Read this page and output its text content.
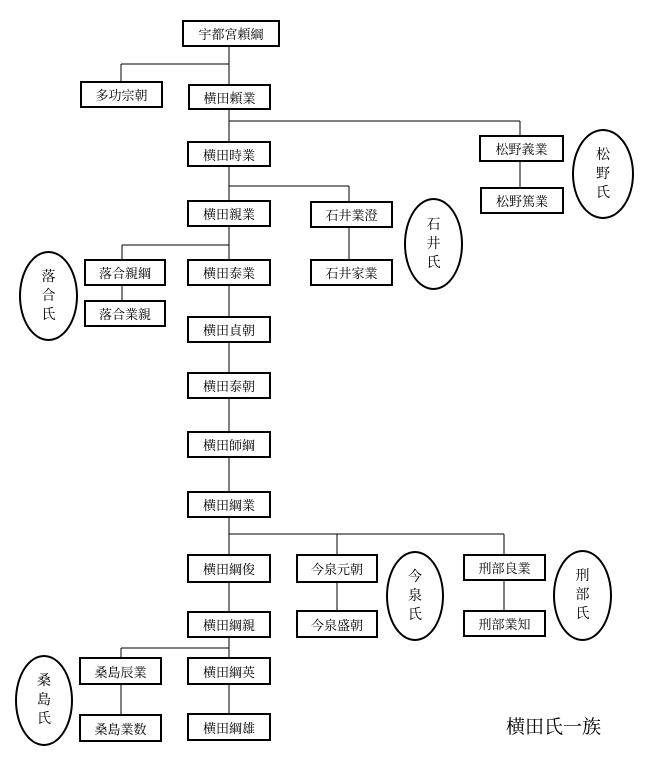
宇都宮頼綱
多功宗朝	横田頼業
松野義業
松野篤業
横田時業
横田親業	石井業澄
石井家業
落合親綱
落合業親
横田泰業
横田貞朝
横田泰朝
横田師綱
横田綱業
横田綱俊	今泉元朝
今泉盛朝
刑部良業
刑部業知
横田綱親
桑島辰業
桑島業数
横田綱英
横田綱雄
松
野
氏
石
井
氏
落
合
氏
今
泉
氏
刑
部
氏
桑
島
氏	横田氏一族
